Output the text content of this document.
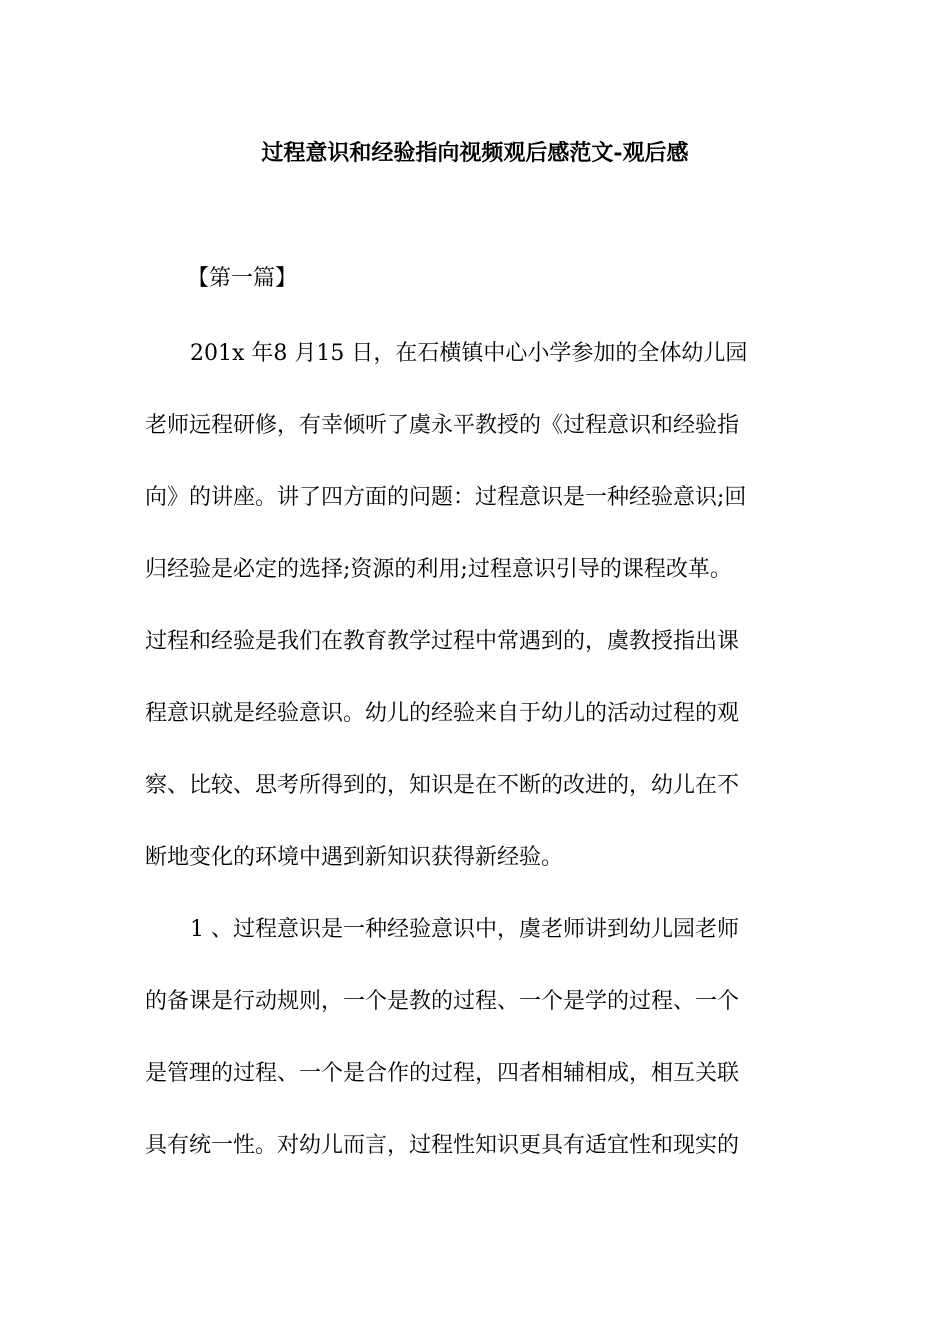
过程意识和经验指向视频观后感范文-观后感
【第一篇】
201x 年8 月15 日，在石横镇中心小学参加的全体幼儿园
老师远程研修，有幸倾听了虞永平教授的《过程意识和经验指
向》的讲座。讲了四方面的问题：过程意识是一种经验意识;回
归经验是必定的选择;资源的利用;过程意识引导的课程改革。
过程和经验是我们在教育教学过程中常遇到的，虞教授指出课
程意识就是经验意识。幼儿的经验来自于幼儿的活动过程的观
察、比较、思考所得到的，知识是在不断的改进的，幼儿在不
断地变化的环境中遇到新知识获得新经验。
1 、过程意识是一种经验意识中，虞老师讲到幼儿园老师
的备课是行动规则，一个是教的过程、一个是学的过程、一个
是管理的过程、一个是合作的过程，四者相辅相成，相互关联
具有统一性。对幼儿而言，过程性知识更具有适宜性和现实的
